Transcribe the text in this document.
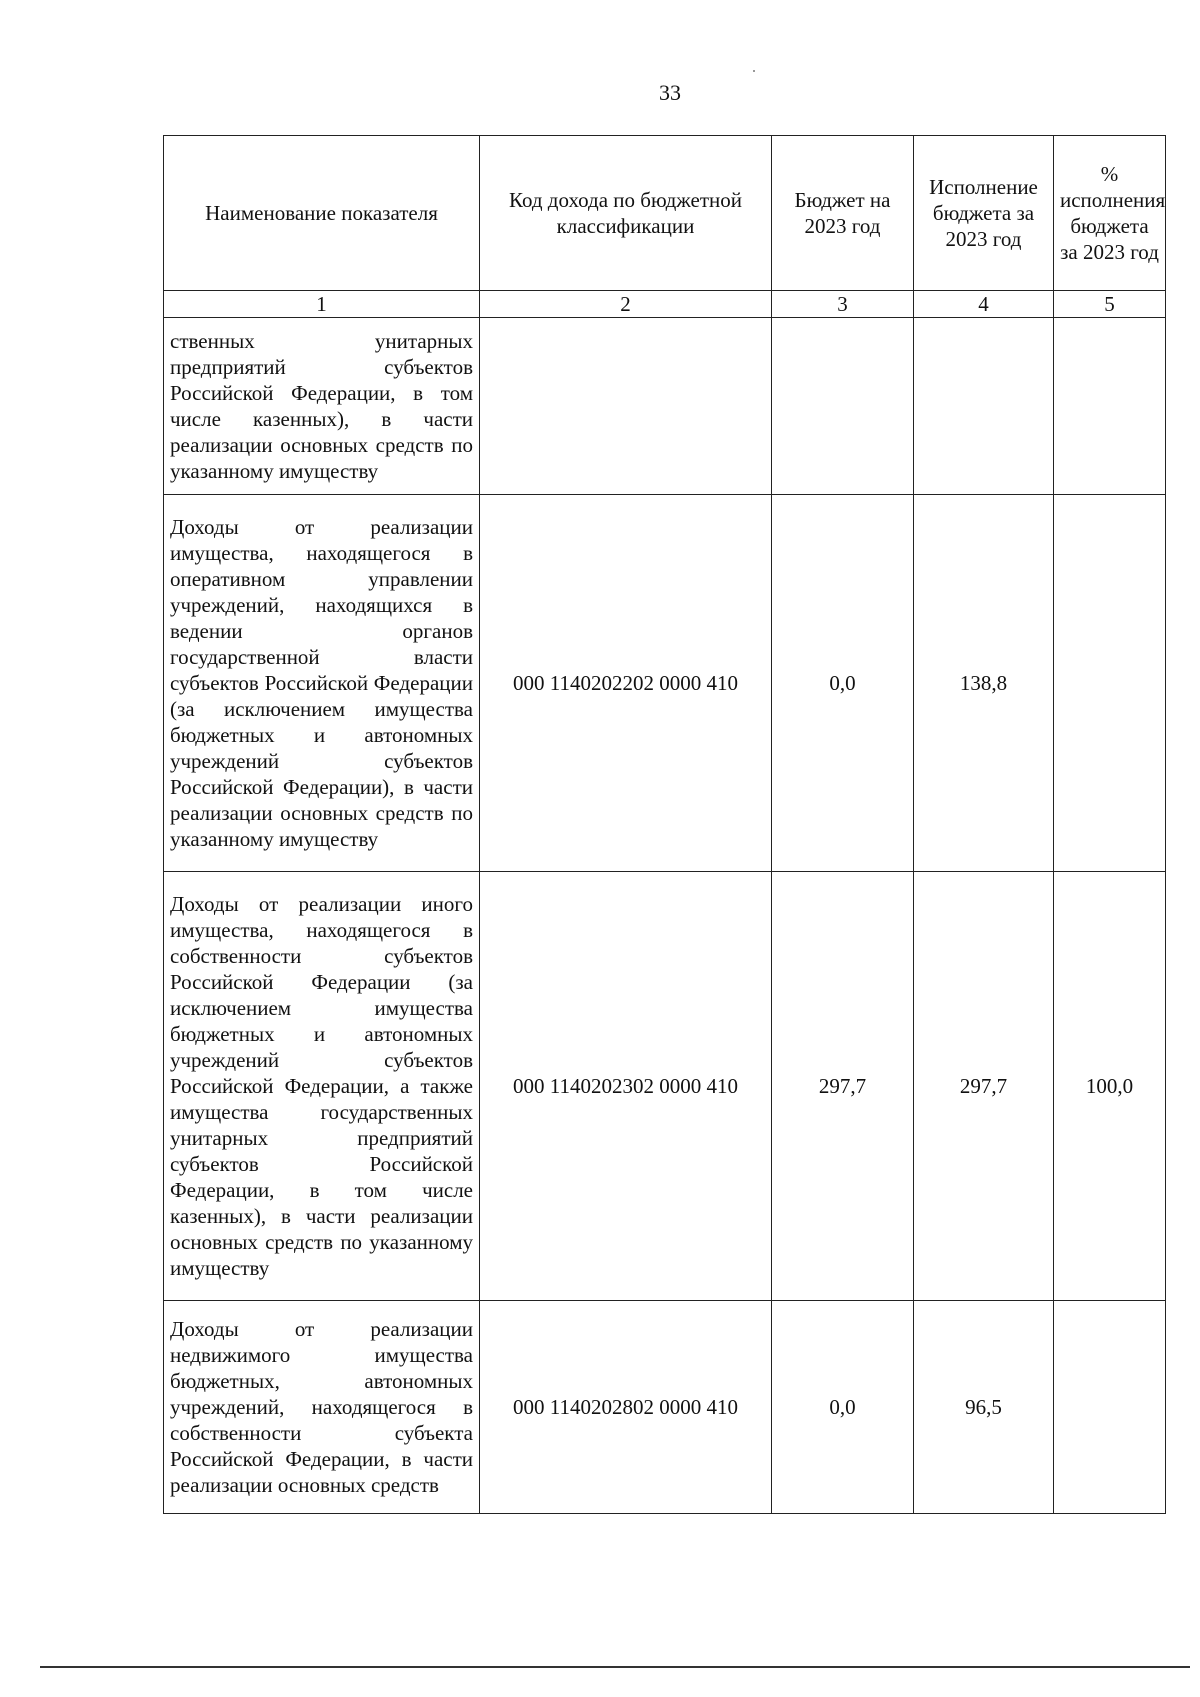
33
Наименование показателя	Код дохода по бюджетной классификации	Бюджет на 2023 год	Исполнение бюджета за 2023 год	% исполнения бюджета за 2023 год
1	2	3	4	5
ственных унитарных предприятий субъектов Российской Федерации, в том числе казенных), в части реализации основных средств по указанному имуществу				
Доходы от реализации имущества, находящегося в оперативном управлении учреждений, находящихся в ведении органов государственной власти субъектов Российской Федерации (за исключением имущества бюджетных и автономных учреждений субъектов Российской Федерации), в части реализации основных средств по указанному имуществу	000 1140202202 0000 410	0,0	138,8	
Доходы от реализации иного имущества, находящегося в собственности субъектов Российской Федерации (за исключением имущества бюджетных и автономных учреждений субъектов Российской Федерации, а также имущества государственных унитарных предприятий субъектов Российской Федерации, в том числе казенных), в части реализации основных средств по указанному имуществу	000 1140202302 0000 410	297,7	297,7	100,0
Доходы от реализации недвижимого имущества бюджетных, автономных учреждений, находящегося в собственности субъекта Российской Федерации, в части реализации основных средств	000 1140202802 0000 410	0,0	96,5	
